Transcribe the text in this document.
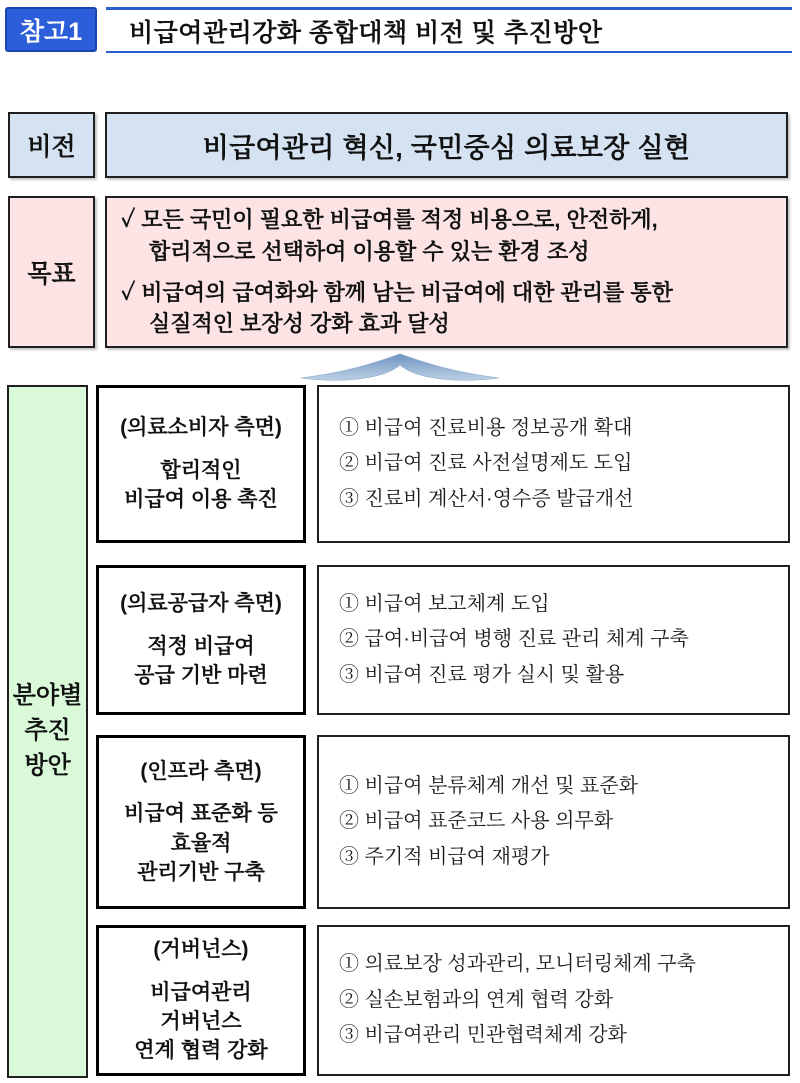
참고1	비급여관리강화 종합대책 비전 및 추진방안
비전	비급여관리 혁신, 국민중심 의료보장 실현
목표
✓ 모든 국민이 필요한 비급여를 적정 비용으로, 안전하게,
합리적으로 선택하여 이용할 수 있는 환경 조성
✓ 비급여의 급여화와 함께 남는 비급여에 대한 관리를 통한
실질적인 보장성 강화 효과 달성
분야별
추진
방안
(의료소비자 측면)
합리적인
비급여 이용 촉진
① 비급여 진료비용 정보공개 확대
② 비급여 진료 사전설명제도 도입
③ 진료비 계산서·영수증 발급개선
(의료공급자 측면)
적정 비급여
공급 기반 마련
① 비급여 보고체계 도입
② 급여·비급여 병행 진료 관리 체계 구축
③ 비급여 진료 평가 실시 및 활용
(인프라 측면)
비급여 표준화 등
효율적
관리기반 구축
① 비급여 분류체계 개선 및 표준화
② 비급여 표준코드 사용 의무화
③ 주기적 비급여 재평가
(거버넌스)
비급여관리
거버넌스
연계 협력 강화
① 의료보장 성과관리, 모니터링체계 구축
② 실손보험과의 연계 협력 강화
③ 비급여관리 민관협력체계 강화
